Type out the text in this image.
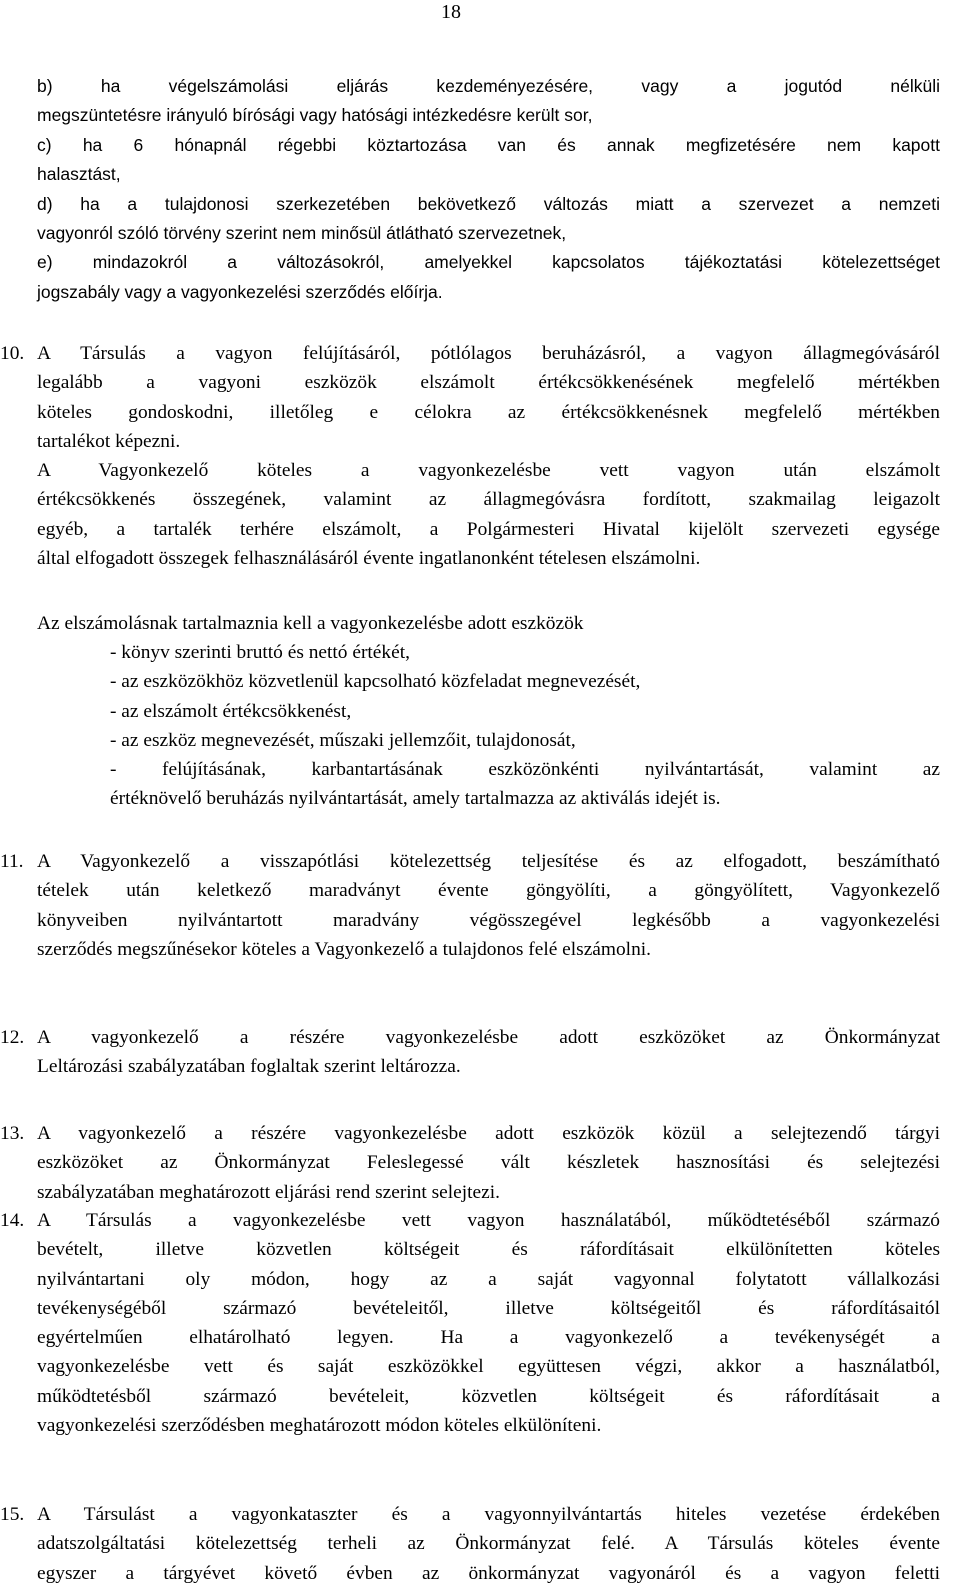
18
b) ha végelszámolási eljárás kezdeményezésére, vagy a jogutód nélküli
megszüntetésre irányuló bírósági vagy hatósági intézkedésre került sor,
c) ha 6 hónapnál régebbi köztartozása van és annak megfizetésére nem kapott
halasztást,
d) ha a tulajdonosi szerkezetében bekövetkező változás miatt a szervezet a nemzeti
vagyonról szóló törvény szerint nem minősül átlátható szervezetnek,
e) mindazokról a változásokról, amelyekkel kapcsolatos tájékoztatási kötelezettséget
jogszabály vagy a vagyonkezelési szerződés előírja.
10. A Társulás a vagyon felújításáról, pótlólagos beruházásról, a vagyon állagmegóvásáról
legalább a vagyoni eszközök elszámolt értékcsökkenésének megfelelő mértékben
köteles gondoskodni, illetőleg e célokra az értékcsökkenésnek megfelelő mértékben
tartalékot képezni.
A Vagyonkezelő köteles a vagyonkezelésbe vett vagyon után elszámolt
értékcsökkenés összegének, valamint az állagmegóvásra fordított, szakmailag leigazolt
egyéb, a tartalék terhére elszámolt, a Polgármesteri Hivatal kijelölt szervezeti egysége
által elfogadott összegek felhasználásáról évente ingatlanonként tételesen elszámolni.
Az elszámolásnak tartalmaznia kell a vagyonkezelésbe adott eszközök
- könyv szerinti bruttó és nettó értékét,
- az eszközökhöz közvetlenül kapcsolható közfeladat megnevezését,
- az elszámolt értékcsökkenést,
- az eszköz megnevezését, műszaki jellemzőit, tulajdonosát,
- felújításának, karbantartásának eszközönkénti nyilvántartását, valamint az
értéknövelő beruházás nyilvántartását, amely tartalmazza az aktiválás idejét is.
11. A Vagyonkezelő a visszapótlási kötelezettség teljesítése és az elfogadott, beszámítható
tételek után keletkező maradványt évente göngyölíti, a göngyölített, Vagyonkezelő
könyveiben nyilvántartott maradvány végösszegével legkésőbb a vagyonkezelési
szerződés megszűnésekor köteles a Vagyonkezelő a tulajdonos felé elszámolni.
12. A vagyonkezelő a részére vagyonkezelésbe adott eszközöket az Önkormányzat
Leltározási szabályzatában foglaltak szerint leltározza.
13. A vagyonkezelő a részére vagyonkezelésbe adott eszközök közül a selejtezendő tárgyi
eszközöket az Önkormányzat Feleslegessé vált készletek hasznosítási és selejtezési
szabályzatában meghatározott eljárási rend szerint selejtezi.
14. A Társulás a vagyonkezelésbe vett vagyon használatából, működtetéséből származó
bevételt, illetve közvetlen költségeit és ráfordításait elkülönítetten köteles
nyilvántartani oly módon, hogy az a saját vagyonnal folytatott vállalkozási
tevékenységéből származó bevételeitől, illetve költségeitől és ráfordításaitól
egyértelműen elhatárolható legyen. Ha a vagyonkezelő a tevékenységét a
vagyonkezelésbe vett és saját eszközökkel együttesen végzi, akkor a használatból,
működtetésből származó bevételeit, közvetlen költségeit és ráfordításait a
vagyonkezelési szerződésben meghatározott módon köteles elkülöníteni.
15. A Társulást a vagyonkataszter és a vagyonnyilvántartás hiteles vezetése érdekében
adatszolgáltatási kötelezettség terheli az Önkormányzat felé. A Társulás köteles évente
egyszer a tárgyévet követő évben az önkormányzat vagyonáról és a vagyon feletti
